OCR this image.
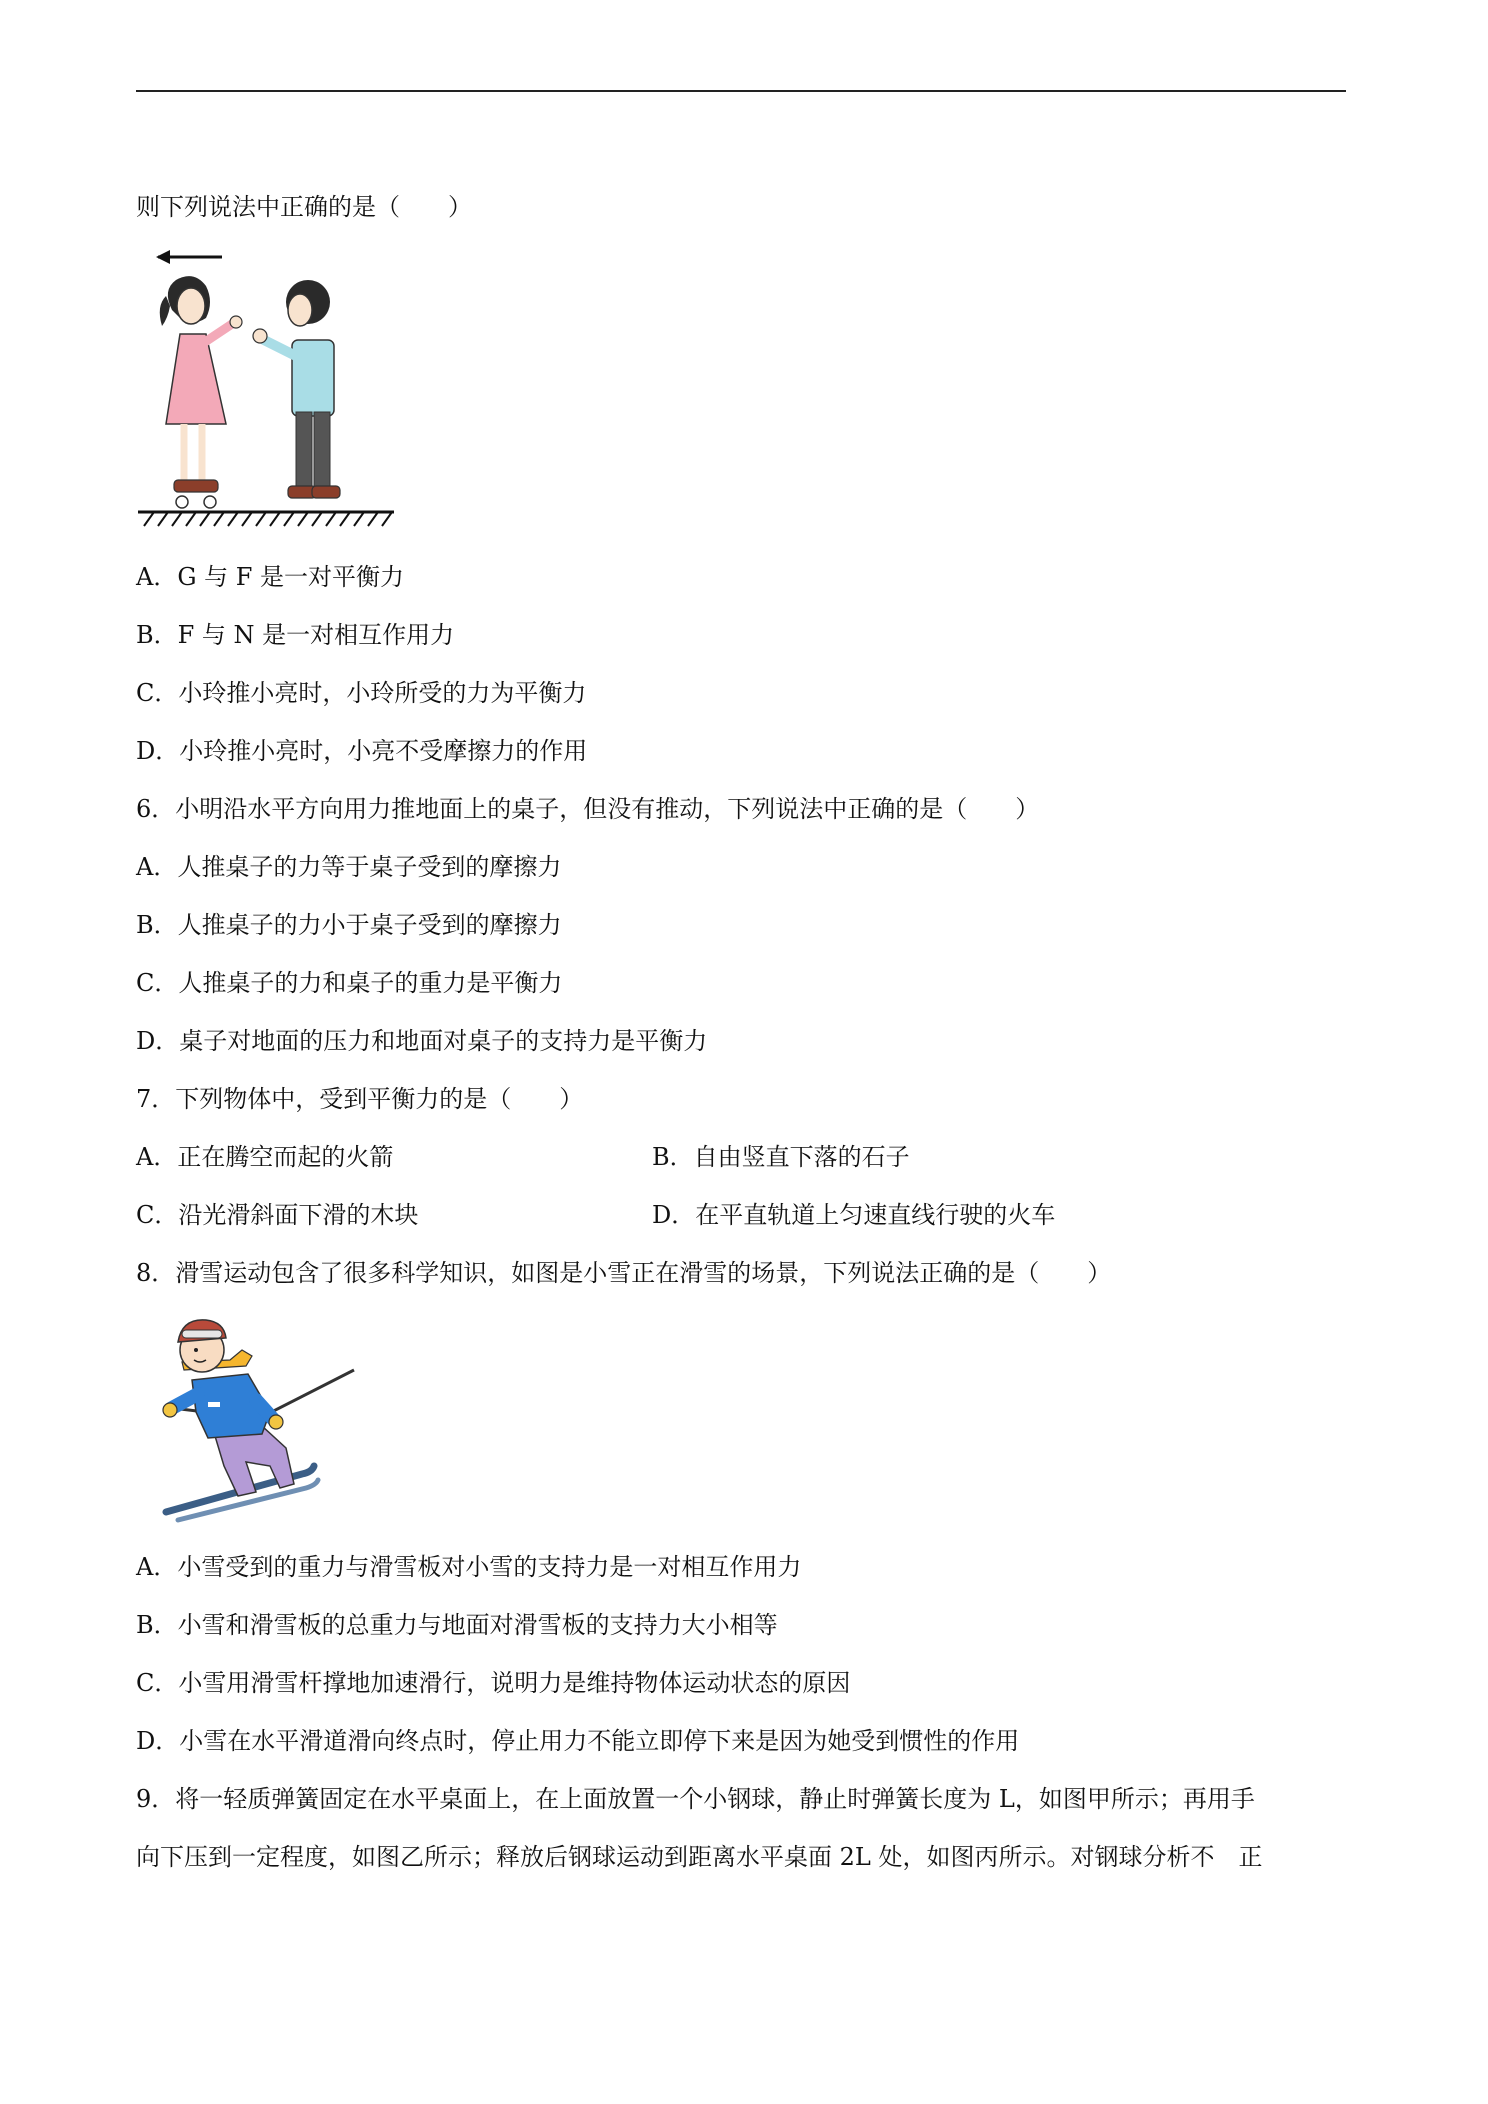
则下列说法中正确的是（　　）
A．G 与 F 是一对平衡力
B．F 与 N 是一对相互作用力
C．小玲推小亮时，小玲所受的力为平衡力
D．小玲推小亮时，小亮不受摩擦力的作用
6．小明沿水平方向用力推地面上的桌子，但没有推动，下列说法中正确的是（　　）
A．人推桌子的力等于桌子受到的摩擦力
B．人推桌子的力小于桌子受到的摩擦力
C．人推桌子的力和桌子的重力是平衡力
D．桌子对地面的压力和地面对桌子的支持力是平衡力
7．下列物体中，受到平衡力的是（　　）
A．正在腾空而起的火箭	B．自由竖直下落的石子
C．沿光滑斜面下滑的木块	D．在平直轨道上匀速直线行驶的火车
8．滑雪运动包含了很多科学知识，如图是小雪正在滑雪的场景，下列说法正确的是（　　）
A．小雪受到的重力与滑雪板对小雪的支持力是一对相互作用力
B．小雪和滑雪板的总重力与地面对滑雪板的支持力大小相等
C．小雪用滑雪杆撑地加速滑行，说明力是维持物体运动状态的原因
D．小雪在水平滑道滑向终点时，停止用力不能立即停下来是因为她受到惯性的作用
9．将一轻质弹簧固定在水平桌面上，在上面放置一个小钢球，静止时弹簧长度为 L，如图甲所示；再用手
向下压到一定程度，如图乙所示；释放后钢球运动到距离水平桌面 2L 处，如图丙所示。对钢球分析不　正
